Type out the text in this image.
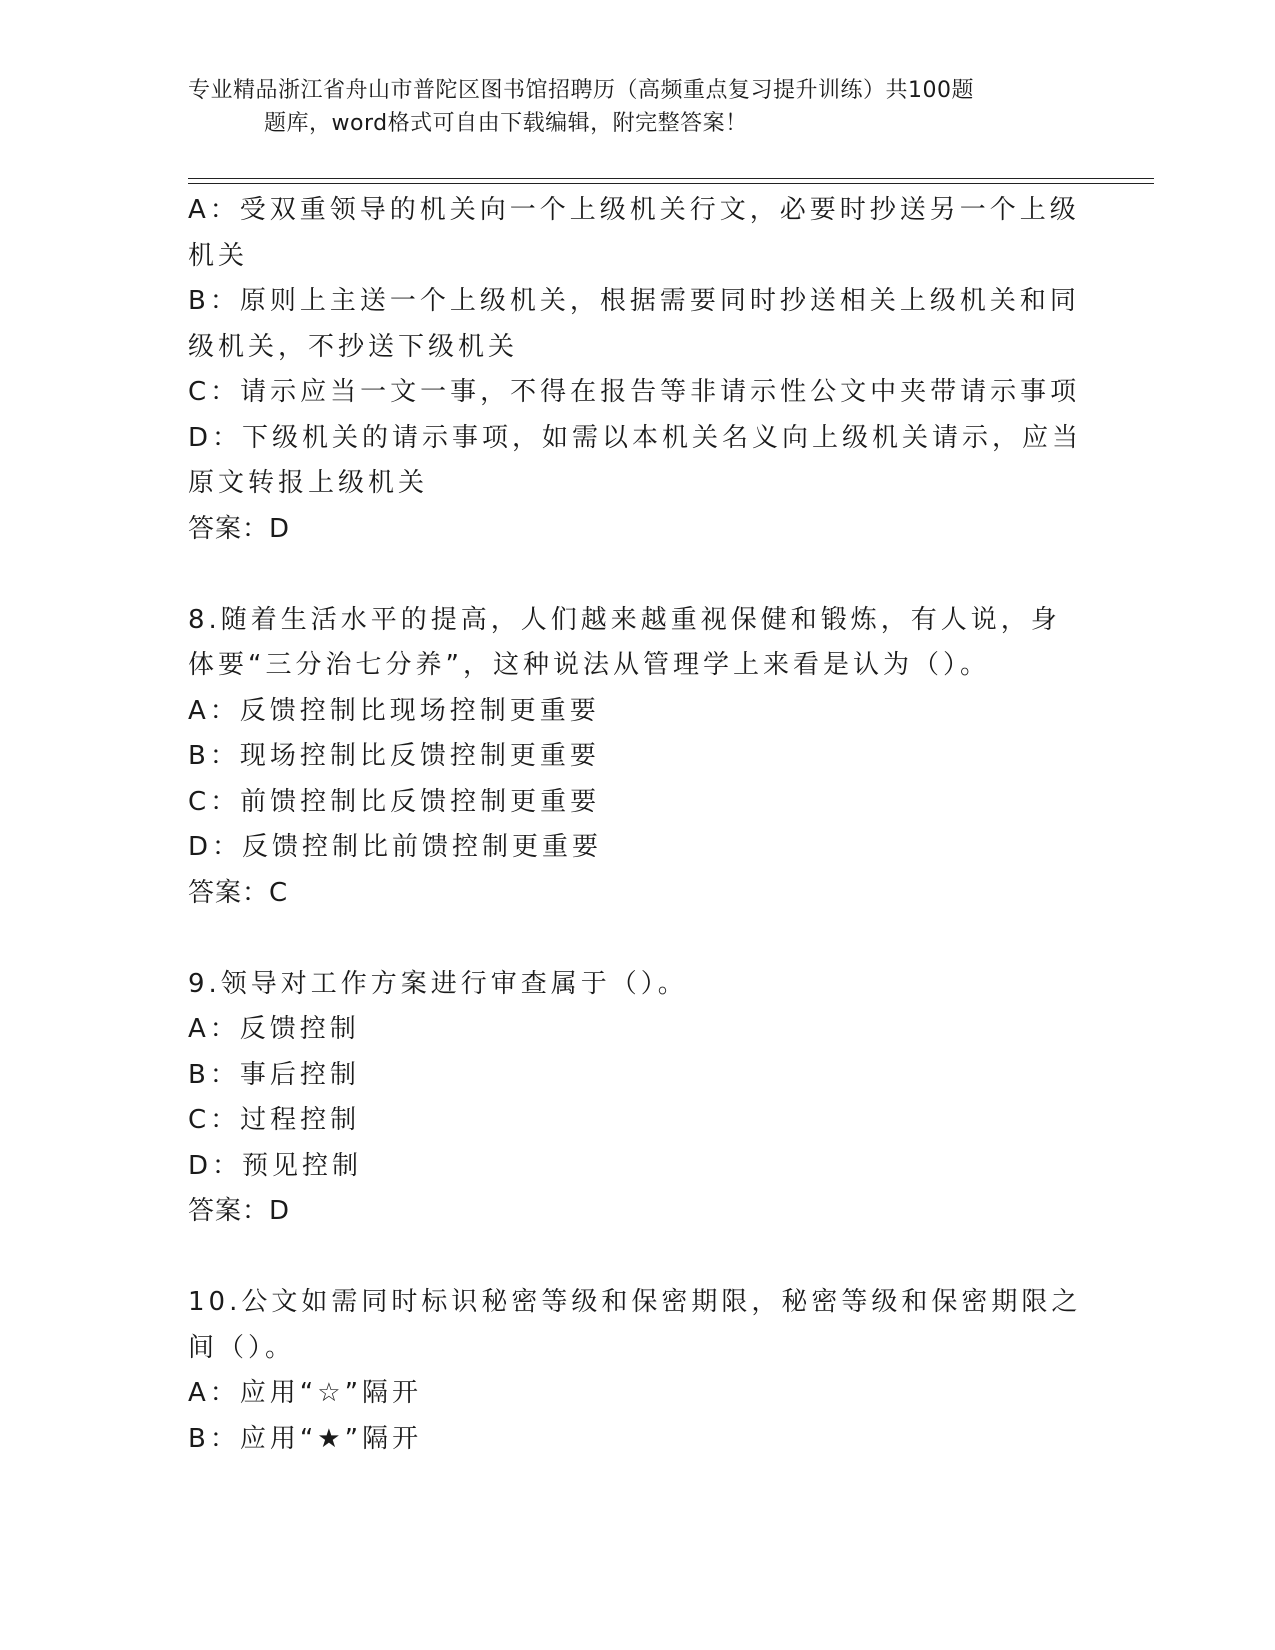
专业精品浙江省舟山市普陀区图书馆招聘历（高频重点复习提升训练）共100题
题库，word格式可自由下载编辑，附完整答案！

A：受双重领导的机关向一个上级机关行文，必要时抄送另一个上级机关

B：原则上主送一个上级机关，根据需要同时抄送相关上级机关和同级机关，不抄送下级机关

C：请示应当一文一事，不得在报告等非请示性公文中夹带请示事项

D：下级机关的请示事项，如需以本机关名义向上级机关请示，应当原文转报上级机关

答案：D

8.随着生活水平的提高，人们越来越重视保健和锻炼，有人说，身体要“三分治七分养”，这种说法从管理学上来看是认为（）。

A：反馈控制比现场控制更重要

B：现场控制比反馈控制更重要

C：前馈控制比反馈控制更重要

D：反馈控制比前馈控制更重要

答案：C

9.领导对工作方案进行审查属于（）。

A：反馈控制

B：事后控制

C：过程控制

D：预见控制

答案：D

10.公文如需同时标识秘密等级和保密期限，秘密等级和保密期限之间（）。

A：应用“☆”隔开

B：应用“★”隔开
